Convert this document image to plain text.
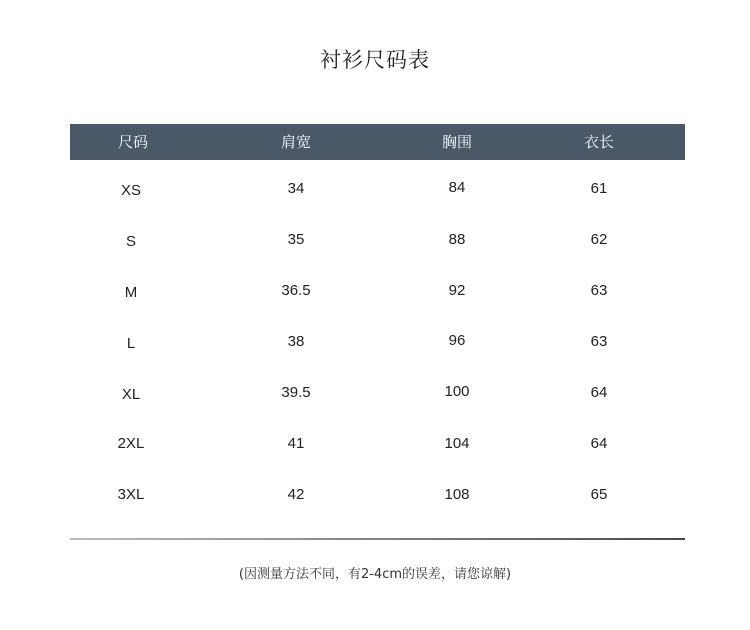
衬衫尺码表
尺码	肩宽	胸围	衣长
XS	34	84	61
S	35	88	62
M	36.5	92	63
L	38	96	63
XL	39.5	100	64
2XL	41	104	64
3XL	42	108	65
(因测量方法不同，有2-4cm的误差，请您谅解)
